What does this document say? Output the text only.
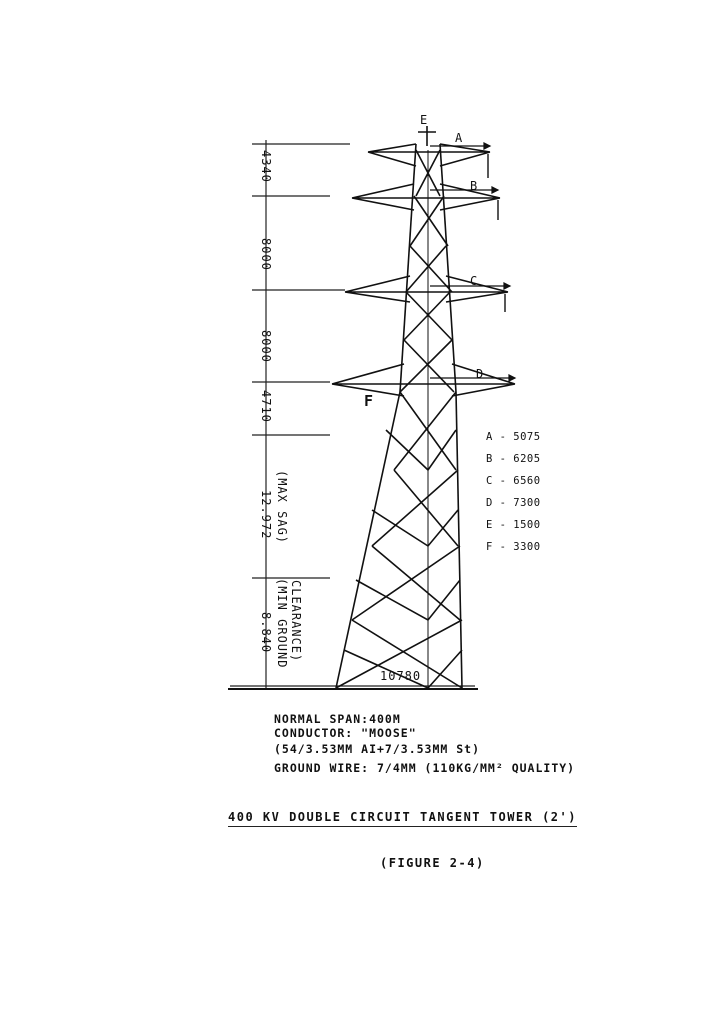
4340
8000
8000
4710
12.972 (MAX SAG)
8.840 (MIN GROUND CLEARANCE)
A
B
C
D
E
F
10780
A - 5075
B - 6205
C - 6560
D - 7300
E - 1500
F - 3300
NORMAL SPAN:400M
CONDUCTOR: "MOOSE"
(54/3.53MM AI+7/3.53MM St)
GROUND WIRE: 7/4MM (110KG/MM² QUALITY)
400 KV DOUBLE CIRCUIT TANGENT TOWER (2')
(FIGURE 2-4)
